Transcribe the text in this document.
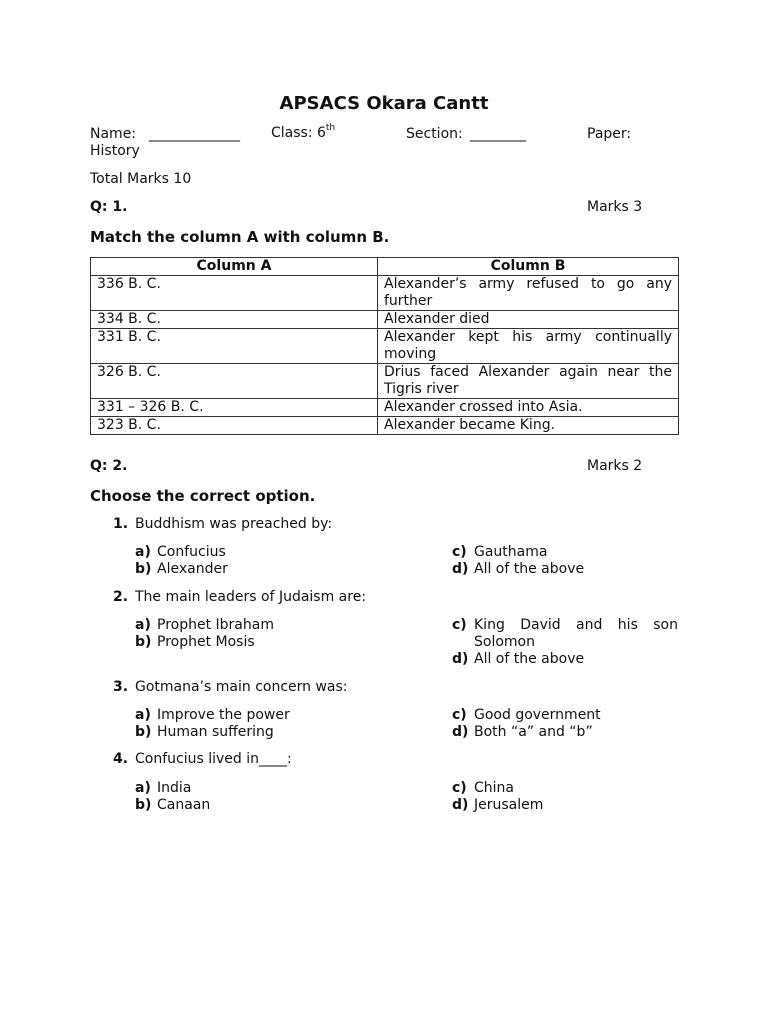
APSACS Okara Cantt
Name: _____________ Class: 6th	Section: ________	Paper:
History
Total Marks 10
Q: 1.	Marks 3
Match the column A with column B.
Column A	Column B
336 B. C.	Alexander’s army refused to go any further
334 B. C.	Alexander died
331 B. C.	Alexander kept his army continually moving
326 B. C.	Drius faced Alexander again near the Tigris river
331 – 326 B. C.	Alexander crossed into Asia.
323 B. C.	Alexander became King.
Q: 2.	Marks 2
Choose the correct option.
1. Buddhism was preached by:
a) Confucius
b) Alexander
c) Gauthama
d) All of the above
2. The main leaders of Judaism are:
a) Prophet Ibraham
b) Prophet Mosis
c) King David and his son Solomon
d) All of the above
3. Gotmana’s main concern was:
a) Improve the power
b) Human suffering
c) Good government
d) Both “a” and “b”
4. Confucius lived in____:
a) India
b) Canaan
c) China
d) Jerusalem
